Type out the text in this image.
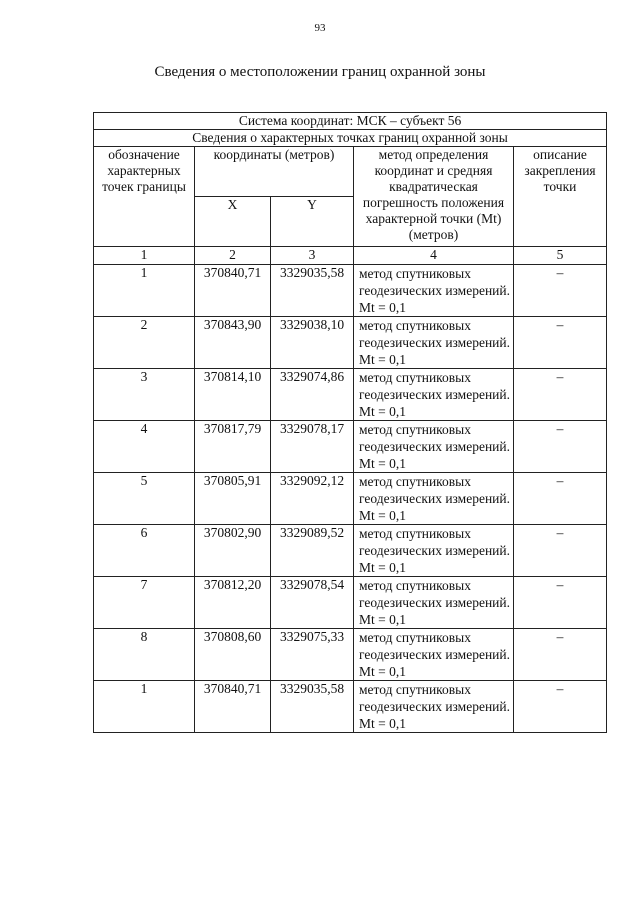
93
Сведения о местоположении границ охранной зоны
Система координат: МСК – субъект 56				
Сведения о характерных точках границ охранной зоны				
обозначение характерных точек границы	координаты (метров)		метод определения координат и средняя квадратическая погрешность положения характерной точки (Mt) (метров)	описание закрепления точки
	X	Y		
1	2	3	4	5
1	370840,71	3329035,58	метод спутниковых геодезических измерений. Mt = 0,1	–
2	370843,90	3329038,10	метод спутниковых геодезических измерений. Mt = 0,1	–
3	370814,10	3329074,86	метод спутниковых геодезических измерений. Mt = 0,1	–
4	370817,79	3329078,17	метод спутниковых геодезических измерений. Mt = 0,1	–
5	370805,91	3329092,12	метод спутниковых геодезических измерений. Mt = 0,1	–
6	370802,90	3329089,52	метод спутниковых геодезических измерений. Mt = 0,1	–
7	370812,20	3329078,54	метод спутниковых геодезических измерений. Mt = 0,1	–
8	370808,60	3329075,33	метод спутниковых геодезических измерений. Mt = 0,1	–
1	370840,71	3329035,58	метод спутниковых геодезических измерений. Mt = 0,1	–
